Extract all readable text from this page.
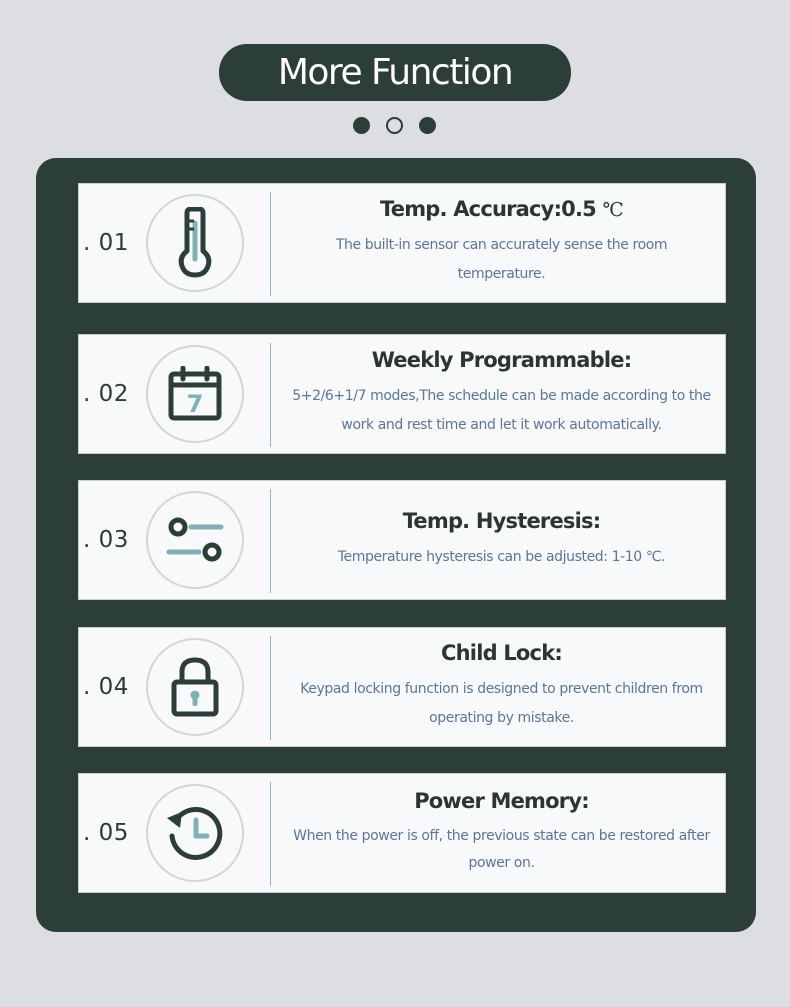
More Function
. 01
Temp. Accuracy:0.5 ℃
The built-in sensor can accurately sense the room temperature.
. 02 7
Weekly Programmable:
5+2/6+1/7 modes,The schedule can be made according to the work and rest time and let it work automatically.
. 03
Temp. Hysteresis:
Temperature hysteresis can be adjusted: 1-10 ℃.
. 04
Child Lock:
Keypad locking function is designed to prevent children from operating by mistake.
. 05
Power Memory:
When the power is off, the previous state can be restored after power on.
